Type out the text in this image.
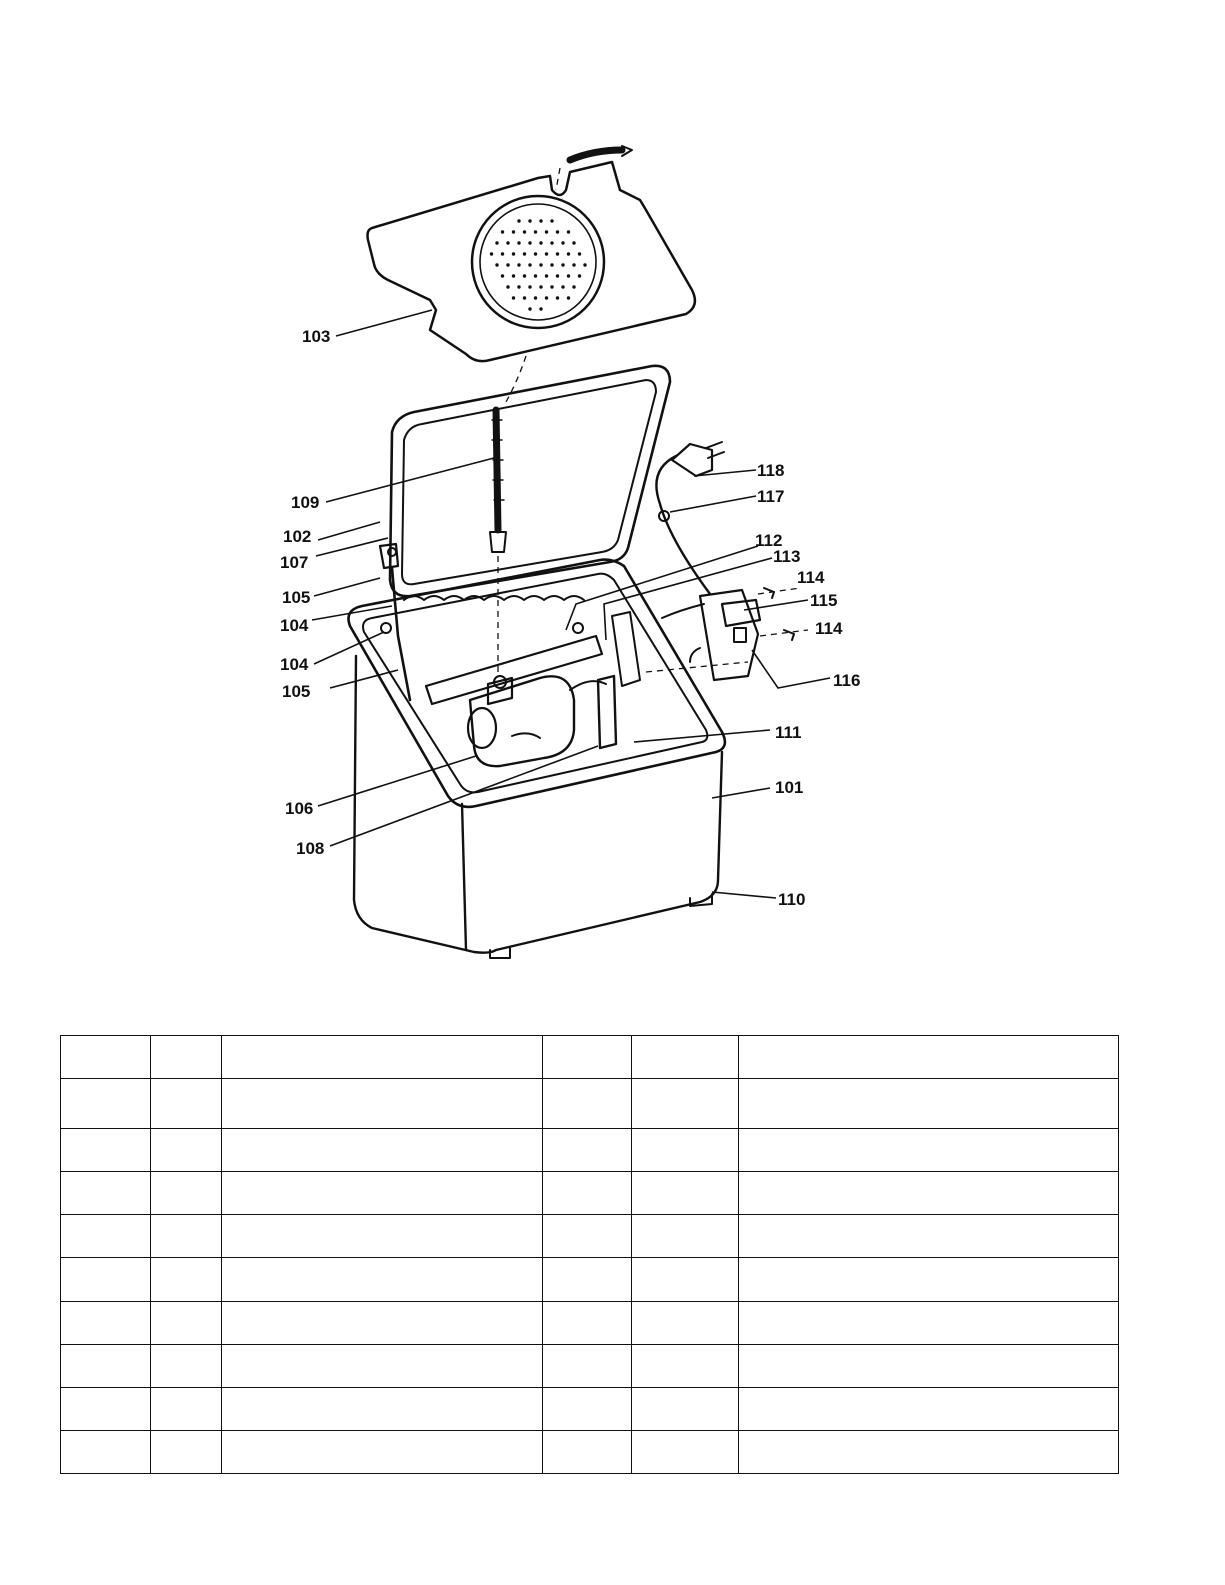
103
109
102
107
105
104
104
105
106
108
118
117
112
113
114
115
114
116
111
101
110
